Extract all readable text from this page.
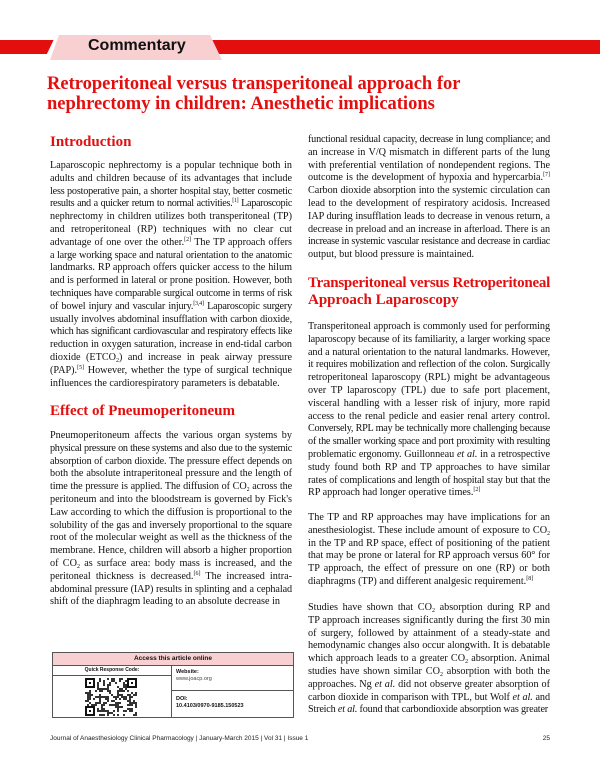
Commentary
Retroperitoneal versus transperitoneal approach for
nephrectomy in children: Anesthetic implications
Introduction
Laparoscopic nephrectomy is a popular technique both in
adults and children because of its advantages that include
less postoperative pain, a shorter hospital stay, better cosmetic
results and a quicker return to normal activities.[1] Laparoscopic
nephrectomy in children utilizes both transperitoneal (TP)
and retroperitoneal (RP) techniques with no clear cut
advantage of one over the other.[2] The TP approach offers
a large working space and natural orientation to the anatomic
landmarks. RP approach offers quicker access to the hilum
and is performed in lateral or prone position. However, both
techniques have comparable surgical outcome in terms of risk
of bowel injury and vascular injury.[3,4] Laparoscopic surgery
usually involves abdominal insufflation with carbon dioxide,
which has significant cardiovascular and respiratory effects like
reduction in oxygen saturation, increase in end-tidal carbon
dioxide $(ETCO_2)$ and increase in peak airway pressure
(PAP).[5] However, whether the type of surgical technique
influences the cardiorespiratory parameters is debatable.
Effect of Pneumoperitoneum
Pneumoperitoneum affects the various organ systems by
physical pressure on these systems and also due to the systemic
absorption of carbon dioxide. The pressure effect depends on
both the absolute intraperitoneal pressure and the length of
time the pressure is applied. The diffusion of $CO_2$ across the
peritoneum and into the bloodstream is governed by Fick's
Law according to which the diffusion is proportional to the
solubility of the gas and inversely proportional to the square
root of the molecular weight as well as the thickness of the
membrane. Hence, children will absorb a higher proportion
of $CO_2$ as surface area: body mass is increased, and the
peritoneal thickness is decreased.[6] The increased intra-
abdominal pressure (IAP) results in splinting and a cephalad
shift of the diaphragm leading to an absolute decrease in
functional residual capacity, decrease in lung compliance; and
an increase in V/Q mismatch in different parts of the lung
with preferential ventilation of nondependent regions. The
outcome is the development of hypoxia and hypercarbia.[7]
Carbon dioxide absorption into the systemic circulation can
lead to the development of respiratory acidosis. Increased
IAP during insufflation leads to decrease in venous return, a
decrease in preload and an increase in afterload. There is an
increase in systemic vascular resistance and decrease in cardiac
output, but blood pressure is maintained.
Transperitoneal versus Retroperitoneal
Approach Laparoscopy
Transperitoneal approach is commonly used for performing
laparoscopy because of its familiarity, a larger working space
and a natural orientation to the natural landmarks. However,
it requires mobilization and reflection of the colon. Surgically
retroperitoneal laparoscopy (RPL) might be advantageous
over TP laparoscopy (TPL) due to safe port placement,
visceral handling with a lesser risk of injury, more rapid
access to the renal pedicle and easier renal artery control.
Conversely, RPL may be technically more challenging because
of the smaller working space and port proximity with resulting
problematic ergonomy. Guillonneau et al. in a retrospective
study found both RP and TP approaches to have similar
rates of complications and length of hospital stay but that the
RP approach had longer operative times.[2]
The TP and RP approaches may have implications for an
anesthesiologist. These include amount of exposure to $CO_2$
in the TP and RP space, effect of positioning of the patient
that may be prone or lateral for RP approach versus 60° for
TP approach, the effect of pressure on one (RP) or both
diaphragms (TP) and different analgesic requirement.[8]
Studies have shown that $CO_2$ absorption during RP and
TP approach increases significantly during the first 30 min
of surgery, followed by attainment of a steady-state and
hemodynamic changes also occur alongwith. It is debatable
which approach leads to a greater $CO_2$ absorption. Animal
studies have shown similar $CO_2$ absorption with both the
approaches. Ng et al. did not observe greater absorption of
carbon dioxide in comparison with TPL, but Wolf et al. and
Streich et al. found that carbondioxide absorption was greater
Access this article online
Quick Response Code:	Website:
www.joacp.org
DOI:
10.4103/0970-9185.150523
Journal of Anaesthesiology Clinical Pharmacology | January-March 2015 | Vol 31 | Issue 1	25
